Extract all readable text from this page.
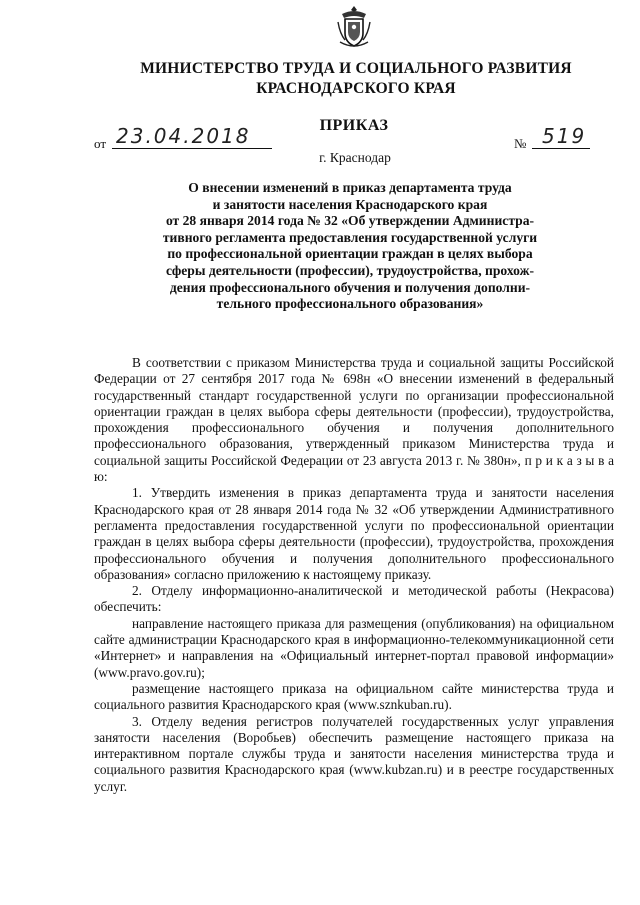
МИНИСТЕРСТВО ТРУДА И СОЦИАЛЬНОГО РАЗВИТИЯ
КРАСНОДАРСКОГО КРАЯ
ПРИКАЗ
от 23.04.2018	№ 519
г. Краснодар
О внесении изменений в приказ департамента труда
и занятости населения Краснодарского края
от 28 января 2014 года № 32 «Об утверждении Администра-
тивного регламента предоставления государственной услуги
по профессиональной ориентации граждан в целях выбора
сферы деятельности (профессии), трудоустройства, прохож-
дения профессионального обучения и получения дополни-
тельного профессионального образования»

В соответствии с приказом Министерства труда и социальной защиты Российской Федерации от 27 сентября 2017 года № 698н «О внесении изменений в федеральный государственный стандарт государственной услуги по организации профессиональной ориентации граждан в целях выбора сферы деятельности (профессии), трудоустройства, прохождения профессионального обучения и получения дополнительного профессионального образования, утвержденный приказом Министерства труда и социальной защиты Российской Федерации от 23 августа 2013 г. № 380н», п р и к а з ы в а ю:

1. Утвердить изменения в приказ департамента труда и занятости населения Краснодарского края от 28 января 2014 года № 32 «Об утверждении Административного регламента предоставления государственной услуги по профессиональной ориентации граждан в целях выбора сферы деятельности (профессии), трудоустройства, прохождения профессионального обучения и получения дополнительного профессионального образования» согласно приложению к настоящему приказу.

2. Отделу информационно-аналитической и методической работы (Некрасова) обеспечить:

направление настоящего приказа для размещения (опубликования) на официальном сайте администрации Краснодарского края в информационно-телекоммуникационной сети «Интернет» и направления на «Официальный интернет-портал правовой информации» (www.pravo.gov.ru);

размещение настоящего приказа на официальном сайте министерства труда и социального развития Краснодарского края (www.sznkuban.ru).

3. Отделу ведения регистров получателей государственных услуг управления занятости населения (Воробьев) обеспечить размещение настоящего приказа на интерактивном портале службы труда и занятости населения министерства труда и социального развития Краснодарского края (www.kubzan.ru) и в реестре государственных услуг.
